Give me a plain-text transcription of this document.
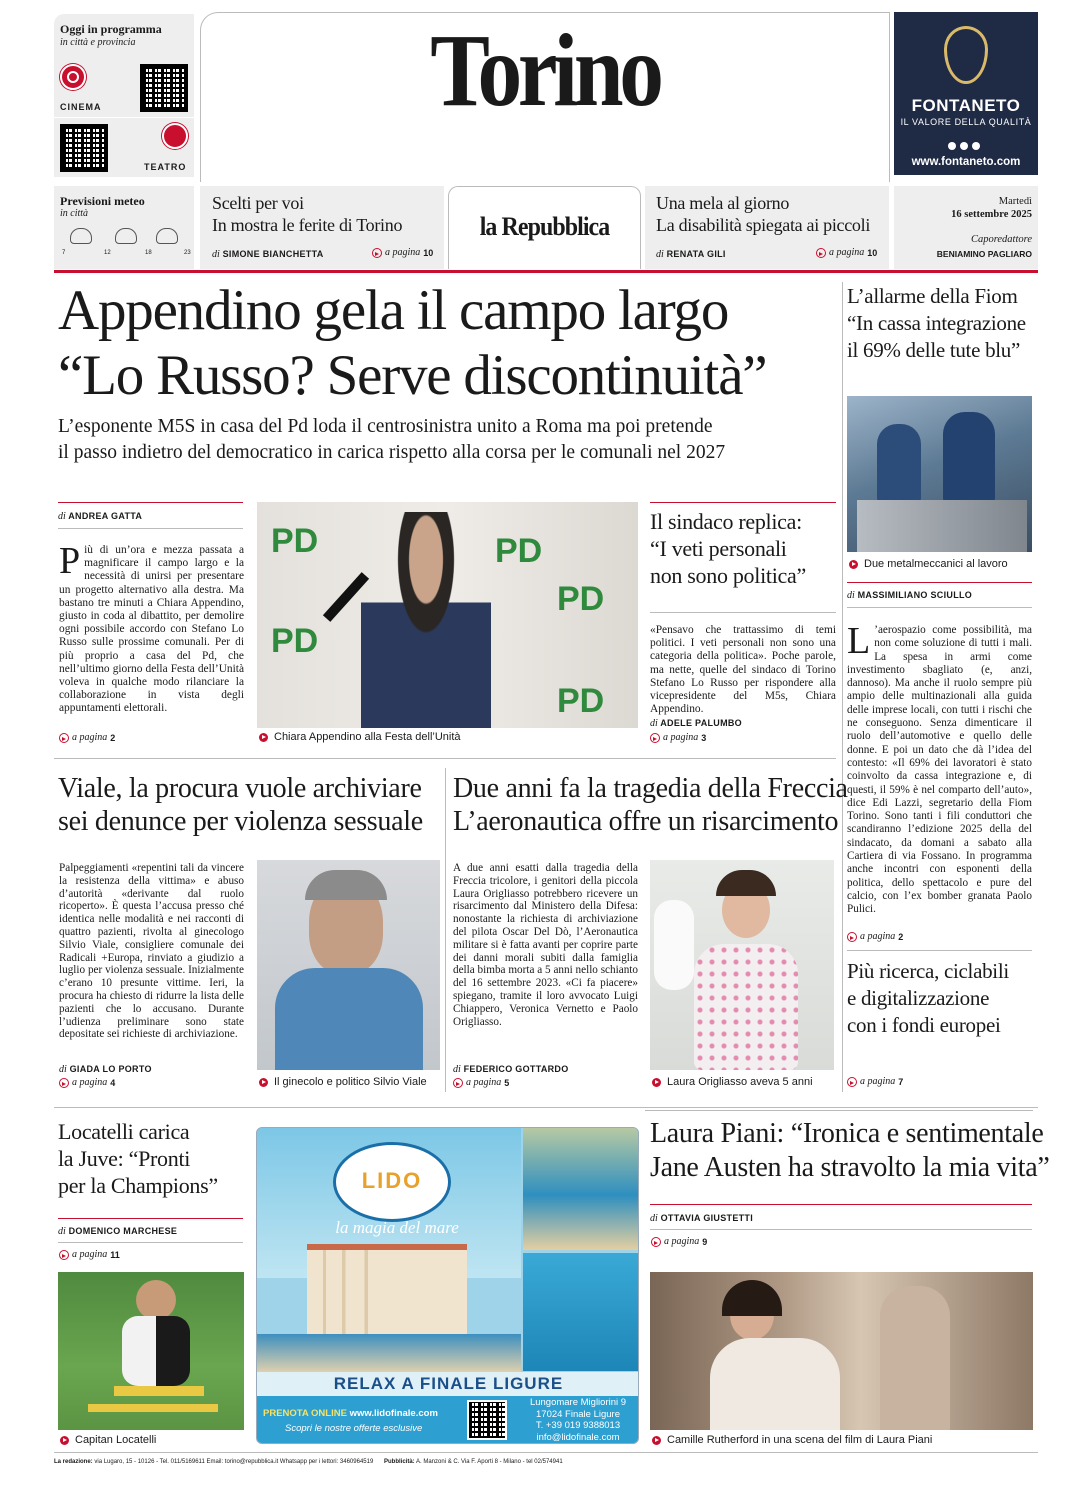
Oggi in programma
in città e provincia
CINEMA
TEATRO
Torino	FONTANETO
IL VALORE DELLA QUALITÀ
www.fontaneto.com
Previsioni meteo
in città
7	12	18	23
Scelti per voi
In mostra le ferite di Torino
di SIMONE BIANCHETTA	a pagina 10
la Repubblica
Una mela al giorno
La disabilità spiegata ai piccoli
di RENATA GILI	a pagina 10
Martedì
16 settembre 2025
Caporedattore
BENIAMINO PAGLIARO
Appendino gela il campo largo
“Lo Russo? Serve discontinuità”
L’esponente M5S in casa del Pd loda il centrosinistra unito a Roma ma poi pretende
il passo indietro del democratico in carica rispetto alla corsa per le comunali nel 2027
di ANDREA GATTA
Più di un’ora e mezza passata a magnificare il campo largo e la necessità di unirsi per presentare un progetto alternativo alla destra. Ma bastano tre minuti a Chiara Appendino, giusto in coda al dibattito, per demolire ogni possibile accordo con Stefano Lo Russo sulle prossime comunali. Per di più proprio a casa del Pd, che nell’ultimo giorno della Festa dell’Unità voleva in qualche modo rilanciare la collaborazione in vista degli appuntamenti elettorali.
a pagina 2
PD
PD
PD
PD
PD
Chiara Appendino alla Festa dell’Unità
Il sindaco replica:
“I veti personali
non sono politica”
«Pensavo che trattassimo di temi politici. I veti personali non sono una categoria della politica». Poche parole, ma nette, quelle del sindaco di Torino Stefano Lo Russo per rispondere alla vicepresidente del M5s, Chiara Appendino.
di ADELE PALUMBO
a pagina 3
L’allarme della Fiom
“In cassa integrazione
il 69% delle tute blu”
Due metalmeccanici al lavoro
di MASSIMILIANO SCIULLO
L ’aerospazio come possibilità, ma non come soluzione di tutti i mali. La spesa in armi come investimento sbagliato (e, anzi, dannoso). Ma anche il ruolo sempre più ampio delle multinazionali alla guida delle imprese locali, con tutti i rischi che ne conseguono. Senza dimenticare il ruolo dell’automotive e quello delle donne. E poi un dato che dà l’idea del contesto: «Il 69% dei lavoratori è stato coinvolto da cassa integrazione e, di questi, il 59% è nel comparto dell’auto», dice Edi Lazzi, segretario della Fiom Torino. Sono tanti i fili conduttori che scandiranno l’edizione 2025 della del sindacato, da domani a sabato alla Cartiera di via Fossano. In programma anche incontri con esponenti della politica, dello spettacolo e pure del calcio, con l’ex bomber granata Paolo Pulici.
a pagina 2
Più ricerca, ciclabili
e digitalizzazione
con i fondi europei
a pagina 7
Viale, la procura vuole archiviare
sei denunce per violenza sessuale
Palpeggiamenti «repentini tali da vincere la resistenza della vittima» e abuso d’autorità «derivante dal ruolo ricoperto». È questa l’accusa presso ché identica nelle modalità e nei racconti di quattro pazienti, rivolta al ginecologo Silvio Viale, consigliere comunale dei Radicali +Europa, rinviato a giudizio a luglio per violenza sessuale. Inizialmente c’erano 10 presunte vittime. Ieri, la procura ha chiesto di ridurre la lista delle pazienti che lo accusano. Durante l’udienza preliminare sono state depositate sei richieste di archiviazione.
di GIADA LO PORTO
a pagina 4	Il ginecolo e politico Silvio Viale
Due anni fa la tragedia della Freccia
L’aeronautica offre un risarcimento
A due anni esatti dalla tragedia della Freccia tricolore, i genitori della piccola Laura Origliasso potrebbero ricevere un risarcimento dal Ministero della Difesa: nonostante la richiesta di archiviazione del pilota Oscar Del Dò, l’Aeronautica militare si è fatta avanti per coprire parte dei danni morali subiti dalla famiglia della bimba morta a 5 anni nello schianto del 16 settembre 2023. «Ci fa piacere» spiegano, tramite il loro avvocato Luigi Chiappero, Veronica Vernetto e Paolo Origliasso.
di FEDERICO GOTTARDO
a pagina 5	Laura Origliasso aveva 5 anni
Locatelli carica
la Juve: “Pronti
per la Champions”
di DOMENICO MARCHESE
a pagina 11
Capitan Locatelli
LIDO
la magia del mare
RELAX A FINALE LIGURE
PRENOTA ONLINE www.lidofinale.com
Scopri le nostre offerte esclusive
Lungomare Migliorini 9
17024 Finale Ligure
T. +39 019 9388013
info@lidofinale.com
Laura Piani: “Ironica e sentimentale
Jane Austen ha stravolto la mia vita”
di OTTAVIA GIUSTETTI
a pagina 9
Camille Rutherford in una scena del film di Laura Piani
La redazione: via Lugaro, 15 - 10126 - Tel. 011/5169611 Email: torino@repubblica.it Whatsapp per i lettori: 3460964519 Pubblicità: A. Manzoni & C. Via F. Aporti 8 - Milano - tel 02/574941
